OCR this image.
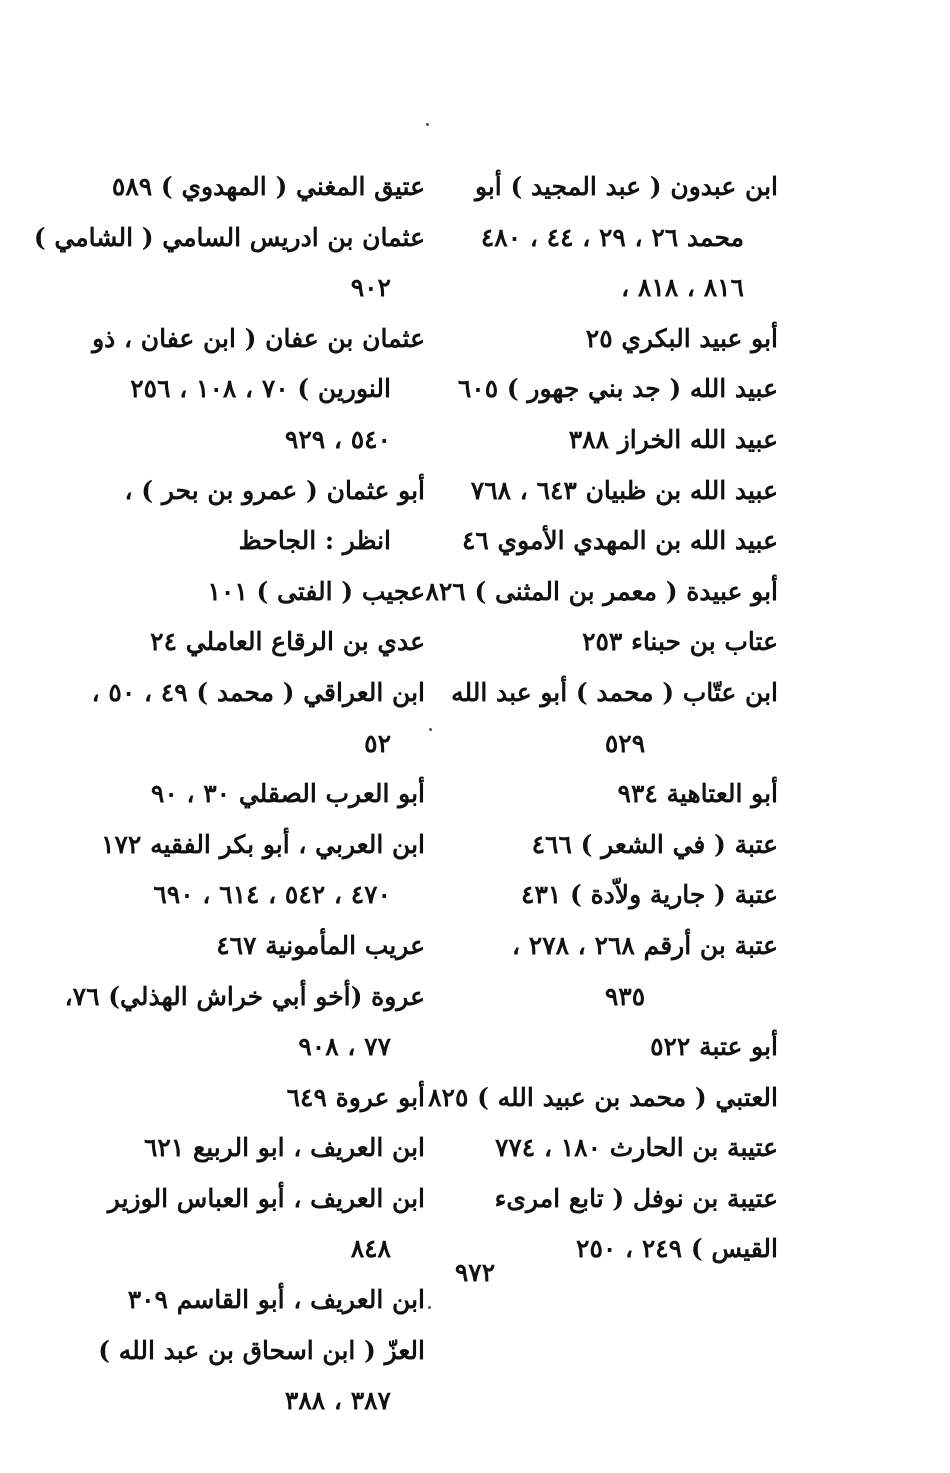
ابن عبدون ( عبد المجيد ) أبو
محمد ٢٦ ، ٢٩ ، ٤٤ ، ٤٨٠
٨١٦ ، ٨١٨ ،
أبو عبيد البكري ٢٥
عبيد الله ( جد بني جهور ) ٦٠٥
عبيد الله الخراز ٣٨٨
عبيد الله بن ظبيان ٦٤٣ ، ٧٦٨
عبيد الله بن المهدي الأموي ٤٦
أبو عبيدة ( معمر بن المثنى ) ٨٢٦
عتاب بن حبناء ٢٥٣
ابن عتّاب ( محمد ) أبو عبد الله
٥٢٩
أبو العتاهية ٩٣٤
عتبة ( في الشعر ) ٤٦٦
عتبة ( جارية ولاّدة ) ٤٣١
عتبة بن أرقم ٢٦٨ ، ٢٧٨ ،
٩٣٥
أبو عتبة ٥٢٢
العتبي ( محمد بن عبيد الله ) ٨٢٥
عتيبة بن الحارث ١٨٠ ، ٧٧٤
عتيبة بن نوفل ( تابع امرىء
القيس ) ٢٤٩ ، ٢٥٠
عتيق المغني ( المهدوي ) ٥٨٩
عثمان بن ادريس السامي ( الشامي )
٩٠٢
عثمان بن عفان ( ابن عفان ، ذو
النورين ) ٧٠ ، ١٠٨ ، ٢٥٦
٥٤٠ ، ٩٢٩
أبو عثمان ( عمرو بن بحر ) ،
انظر : الجاحظ
عجيب ( الفتى ) ١٠١
عدي بن الرقاع العاملي ٢٤
ابن العراقي ( محمد ) ٤٩ ، ٥٠ ،
٥٢
أبو العرب الصقلي ٣٠ ، ٩٠
ابن العربي ، أبو بكر الفقيه ١٧٢
٤٧٠ ، ٥٤٢ ، ٦١٤ ، ٦٩٠
عريب المأمونية ٤٦٧
عروة (أخو أبي خراش الهذلي) ٧٦،
٧٧ ، ٩٠٨
أبو عروة ٦٤٩
ابن العريف ، ابو الربيع ٦٢١
ابن العريف ، أبو العباس الوزير
٨٤٨
ابن العريف ، أبو القاسم ٣٠٩
العزّ ( ابن اسحاق بن عبد الله )
٣٨٧ ، ٣٨٨
٩٧٢
